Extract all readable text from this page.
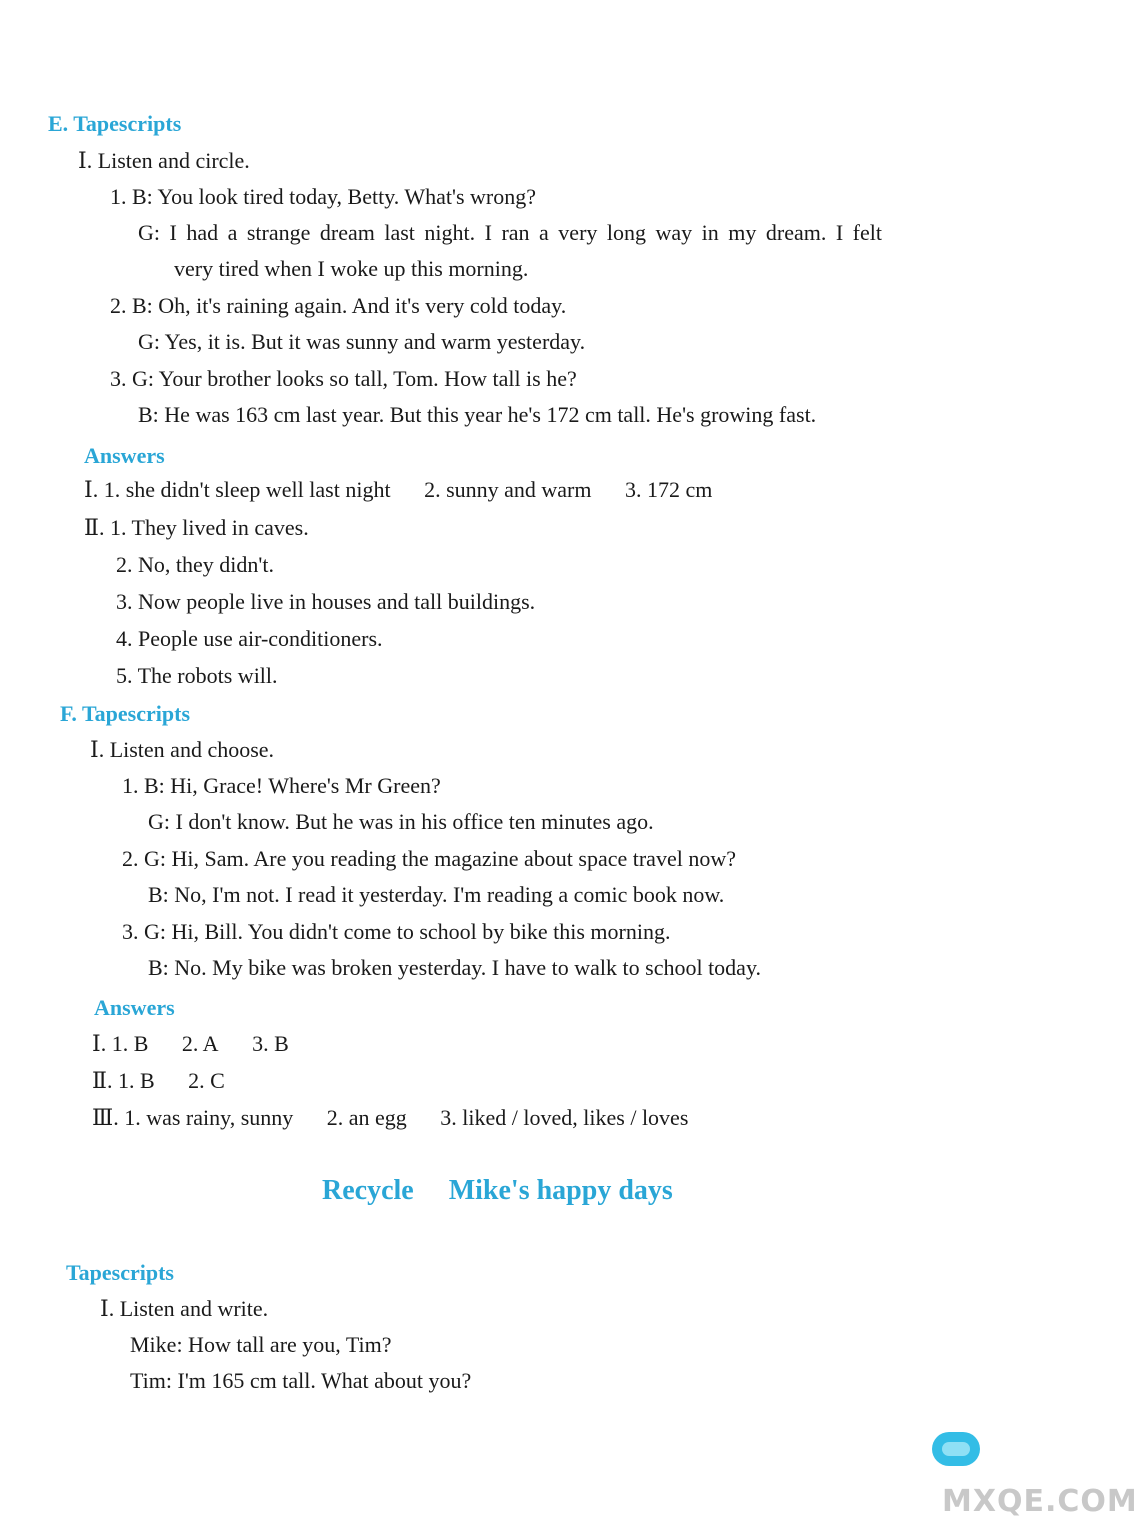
E. Tapescripts
Ⅰ. Listen and circle.
1. B: You look tired today, Betty. What's wrong?
G: I had a strange dream last night. I ran a very long way in my dream. I felt
very tired when I woke up this morning.
2. B: Oh, it's raining again. And it's very cold today.
G: Yes, it is. But it was sunny and warm yesterday.
3. G: Your brother looks so tall, Tom. How tall is he?
B: He was 163 cm last year. But this year he's 172 cm tall. He's growing fast.
Answers
Ⅰ. 1. she didn't sleep well last night 2. sunny and warm 3. 172 cm
Ⅱ. 1. They lived in caves.
2. No, they didn't.
3. Now people live in houses and tall buildings.
4. People use air-conditioners.
5. The robots will.
F. Tapescripts
Ⅰ. Listen and choose.
1. B: Hi, Grace! Where's Mr Green?
G: I don't know. But he was in his office ten minutes ago.
2. G: Hi, Sam. Are you reading the magazine about space travel now?
B: No, I'm not. I read it yesterday. I'm reading a comic book now.
3. G: Hi, Bill. You didn't come to school by bike this morning.
B: No. My bike was broken yesterday. I have to walk to school today.
Answers
Ⅰ. 1. B 2. A 3. B
Ⅱ. 1. B 2. C
Ⅲ. 1. was rainy, sunny 2. an egg 3. liked / loved, likes / loves
Recycle Mike's happy days
Tapescripts
Ⅰ. Listen and write.
Mike: How tall are you, Tim?
Tim: I'm 165 cm tall. What about you?
MXQE.COM
